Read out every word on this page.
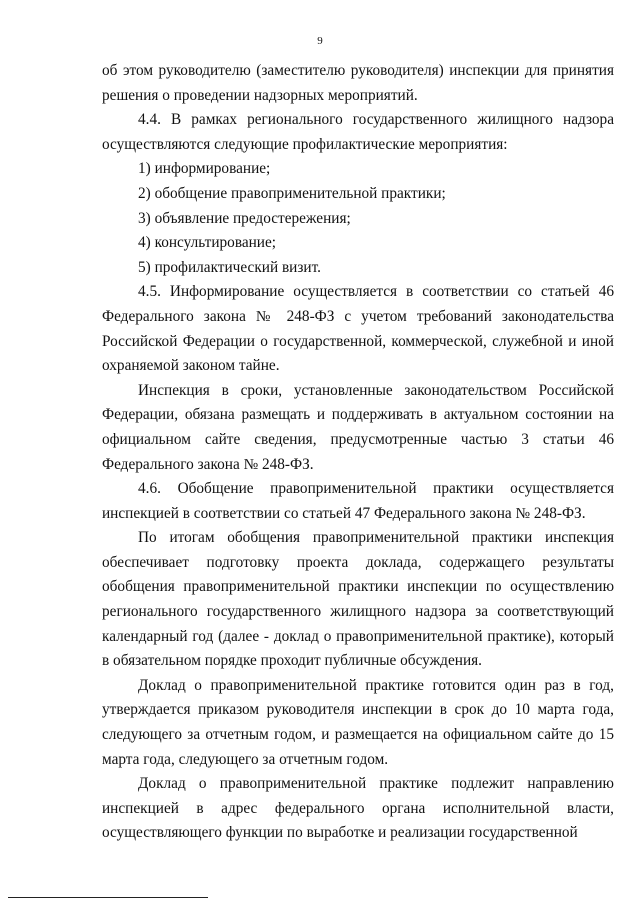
9

об этом руководителю (заместителю руководителя) инспекции для принятия решения о проведении надзорных мероприятий.

4.4. В рамках регионального государственного жилищного надзора осуществляются следующие профилактические мероприятия:

1) информирование;

2) обобщение правоприменительной практики;

3) объявление предостережения;

4) консультирование;

5) профилактический визит.

4.5. Информирование осуществляется в соответствии со статьей 46 Федерального закона № 248-ФЗ с учетом требований законодательства Российской Федерации о государственной, коммерческой, служебной и иной охраняемой законом тайне.

Инспекция в сроки, установленные законодательством Российской Федерации, обязана размещать и поддерживать в актуальном состоянии на официальном сайте сведения, предусмотренные частью 3 статьи 46 Федерального закона № 248-ФЗ.

4.6. Обобщение правоприменительной практики осуществляется инспекцией в соответствии со статьей 47 Федерального закона № 248-ФЗ.

По итогам обобщения правоприменительной практики инспекция обеспечивает подготовку проекта доклада, содержащего результаты обобщения правоприменительной практики инспекции по осуществлению регионального государственного жилищного надзора за соответствующий календарный год (далее - доклад о правоприменительной практике), который в обязательном порядке проходит публичные обсуждения.

Доклад о правоприменительной практике готовится один раз в год, утверждается приказом руководителя инспекции в срок до 10 марта года, следующего за отчетным годом, и размещается на официальном сайте до 15 марта года, следующего за отчетным годом.

Доклад о правоприменительной практике подлежит направлению инспекцией в адрес федерального органа исполнительной власти, осуществляющего функции по выработке и реализации государственной
